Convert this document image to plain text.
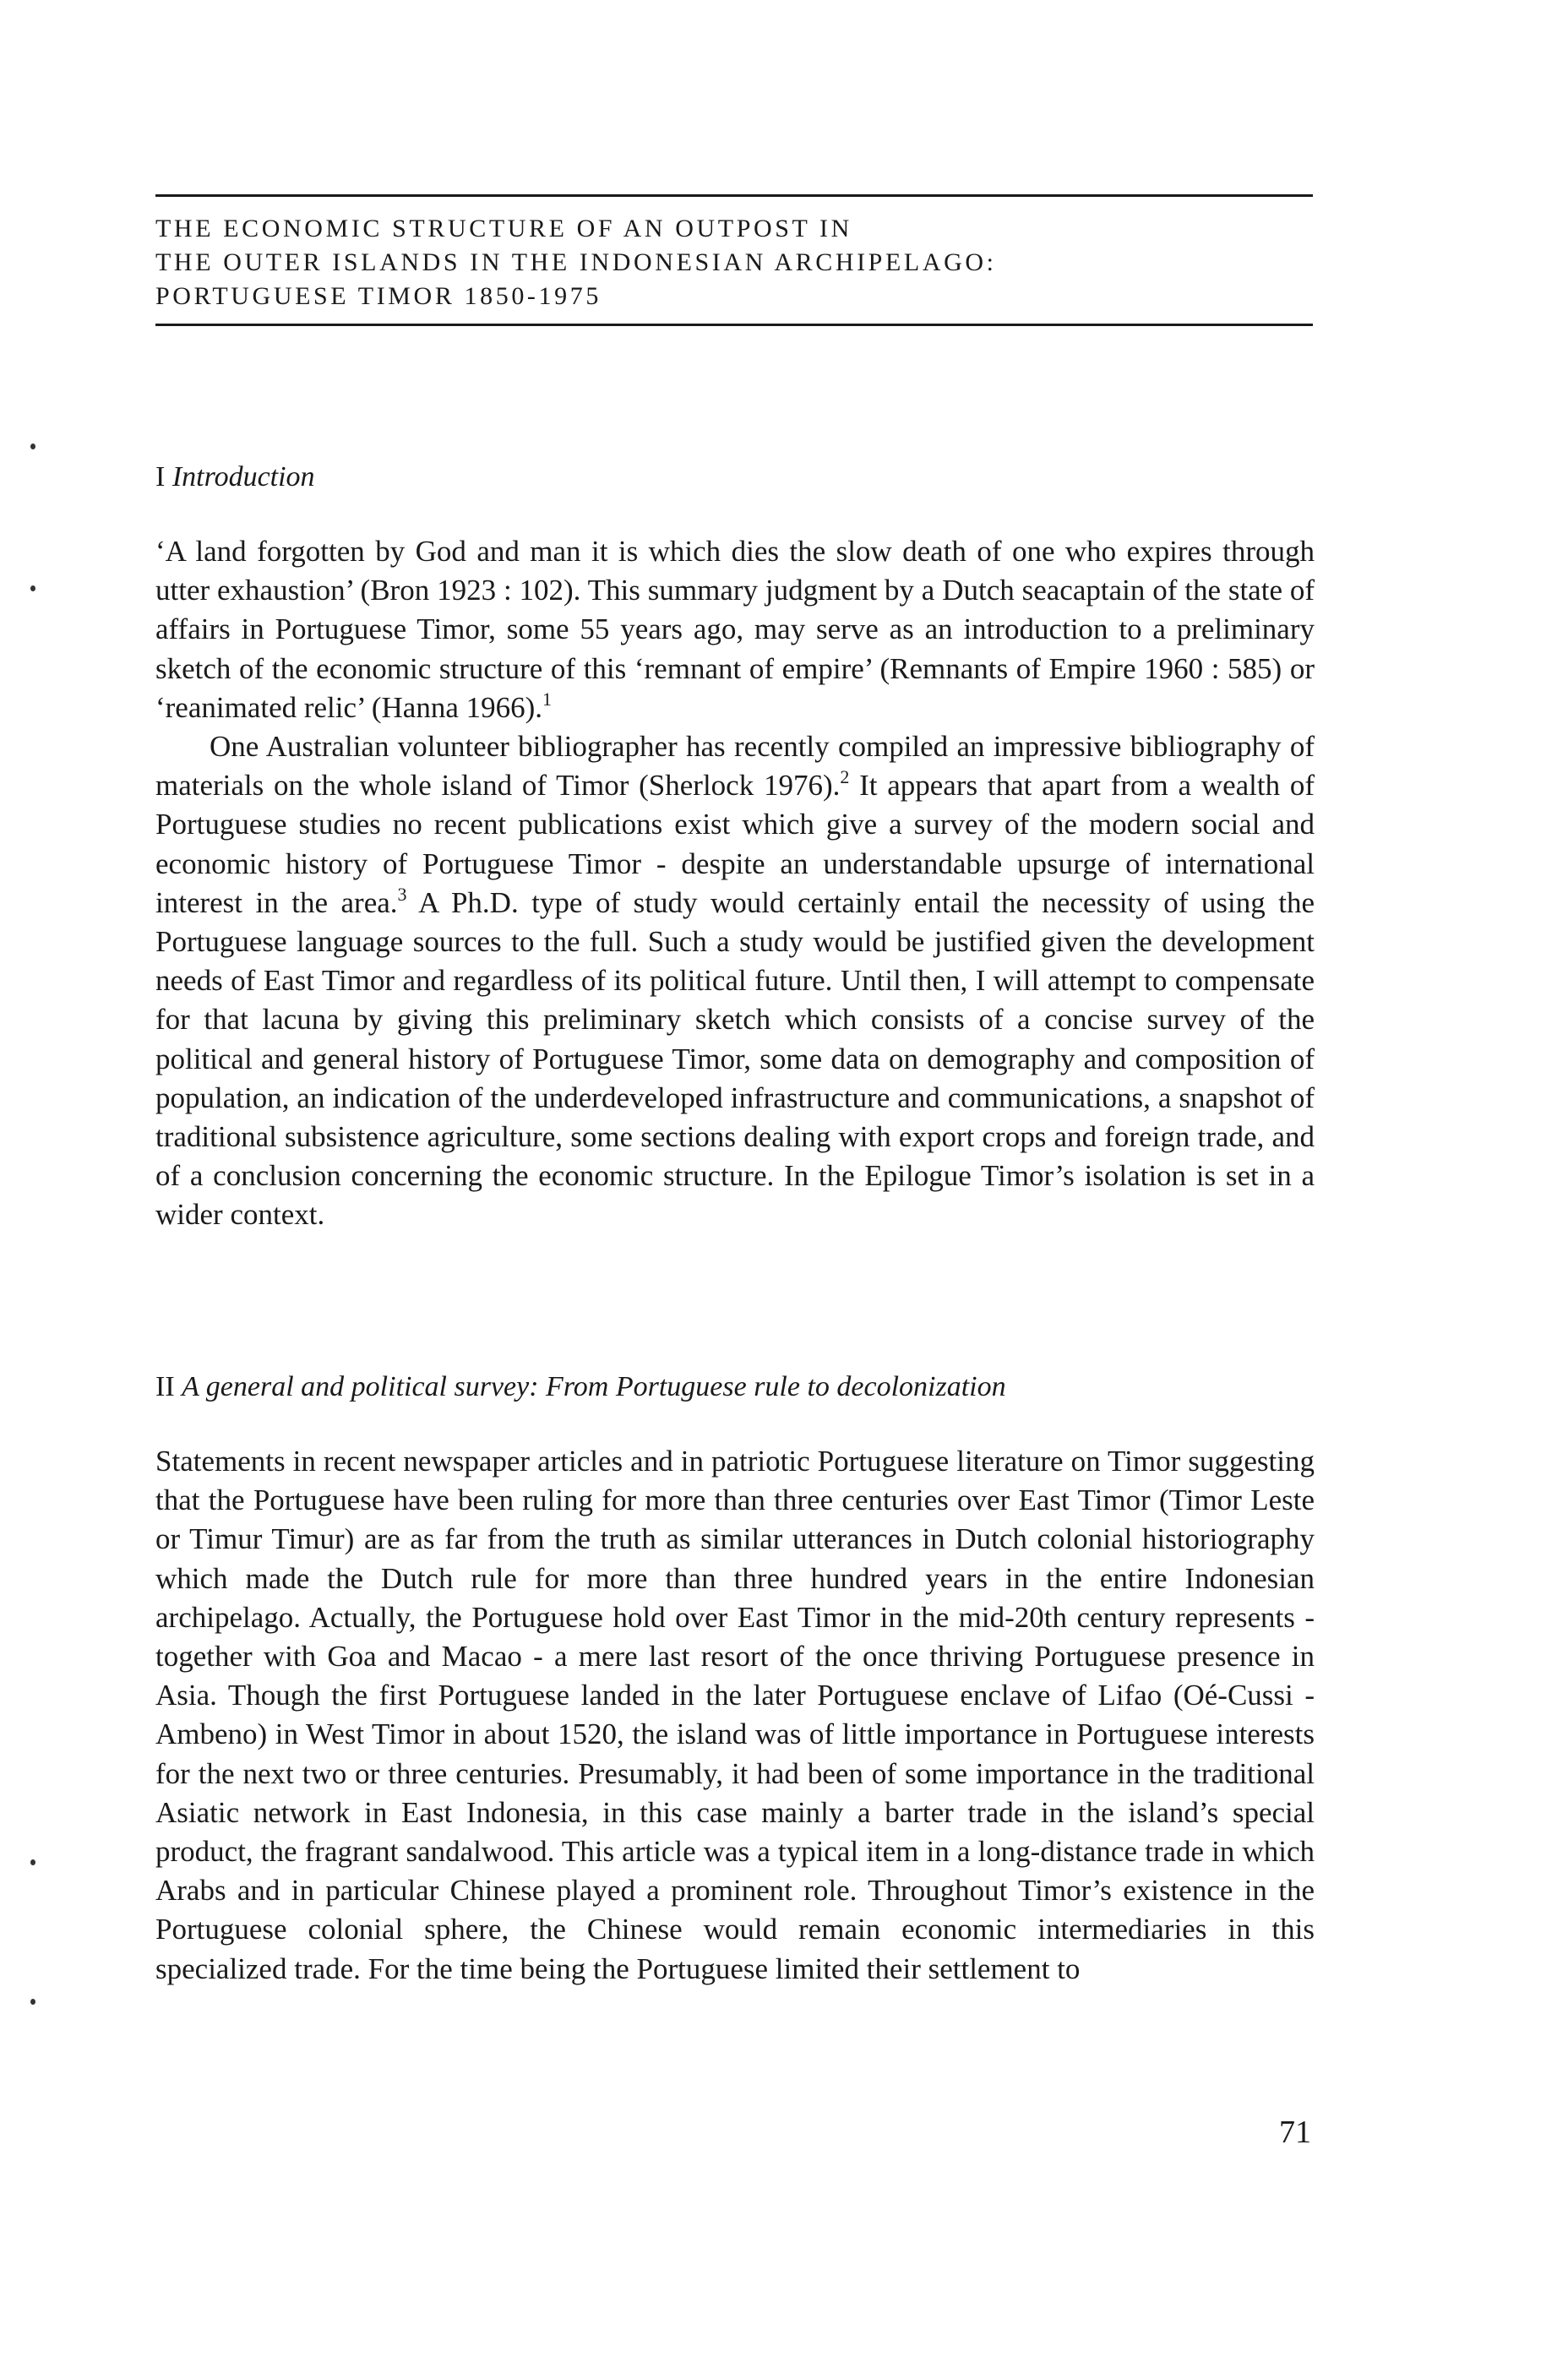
THE ECONOMIC STRUCTURE OF AN OUTPOST IN
THE OUTER ISLANDS IN THE INDONESIAN ARCHIPELAGO:
PORTUGUESE TIMOR 1850-1975
I Introduction

‘A land forgotten by God and man it is which dies the slow death of one who expires through utter exhaustion’ (Bron 1923 : 102). This summary judgment by a Dutch seacaptain of the state of affairs in Portuguese Timor, some 55 years ago, may serve as an introduction to a preliminary sketch of the economic structure of this ‘remnant of empire’ (Remnants of Empire 1960 : 585) or ‘reanimated relic’ (Hanna 1966).$^1$

One Australian volunteer bibliographer has recently compiled an impressive bibliography of materials on the whole island of Timor (Sherlock 1976).$^2$ It appears that apart from a wealth of Portuguese studies no recent publications exist which give a survey of the modern social and economic history of Portuguese Timor - despite an understandable upsurge of international interest in the area.$^3$ A Ph.D. type of study would certainly entail the necessity of using the Portuguese language sources to the full. Such a study would be justified given the development needs of East Timor and regardless of its political future. Until then, I will attempt to compensate for that lacuna by giving this preliminary sketch which consists of a concise survey of the political and general history of Portuguese Timor, some data on demography and composition of population, an indication of the underdeveloped infrastructure and communications, a snapshot of traditional subsistence agriculture, some sections dealing with export crops and foreign trade, and of a conclusion concerning the economic structure. In the Epilogue Timor’s isolation is set in a wider context.

II A general and political survey: From Portuguese rule to decolonization

Statements in recent newspaper articles and in patriotic Portuguese literature on Timor suggesting that the Portuguese have been ruling for more than three centuries over East Timor (Timor Leste or Timur Timur) are as far from the truth as similar utterances in Dutch colonial historiography which made the Dutch rule for more than three hundred years in the entire Indonesian archipelago. Actually, the Portuguese hold over East Timor in the mid-20th century represents - together with Goa and Macao - a mere last resort of the once thriving Portuguese presence in Asia. Though the first Portuguese landed in the later Portuguese enclave of Lifao (Oé-Cussi - Ambeno) in West Timor in about 1520, the island was of little importance in Portuguese interests for the next two or three centuries. Presumably, it had been of some importance in the traditional Asiatic network in East Indonesia, in this case mainly a barter trade in the island’s special product, the fragrant sandalwood. This article was a typical item in a long-distance trade in which Arabs and in particular Chinese played a prominent role. Throughout Timor’s existence in the Portuguese colonial sphere, the Chinese would remain economic intermediaries in this specialized trade. For the time being the Portuguese limited their settlement to

71
